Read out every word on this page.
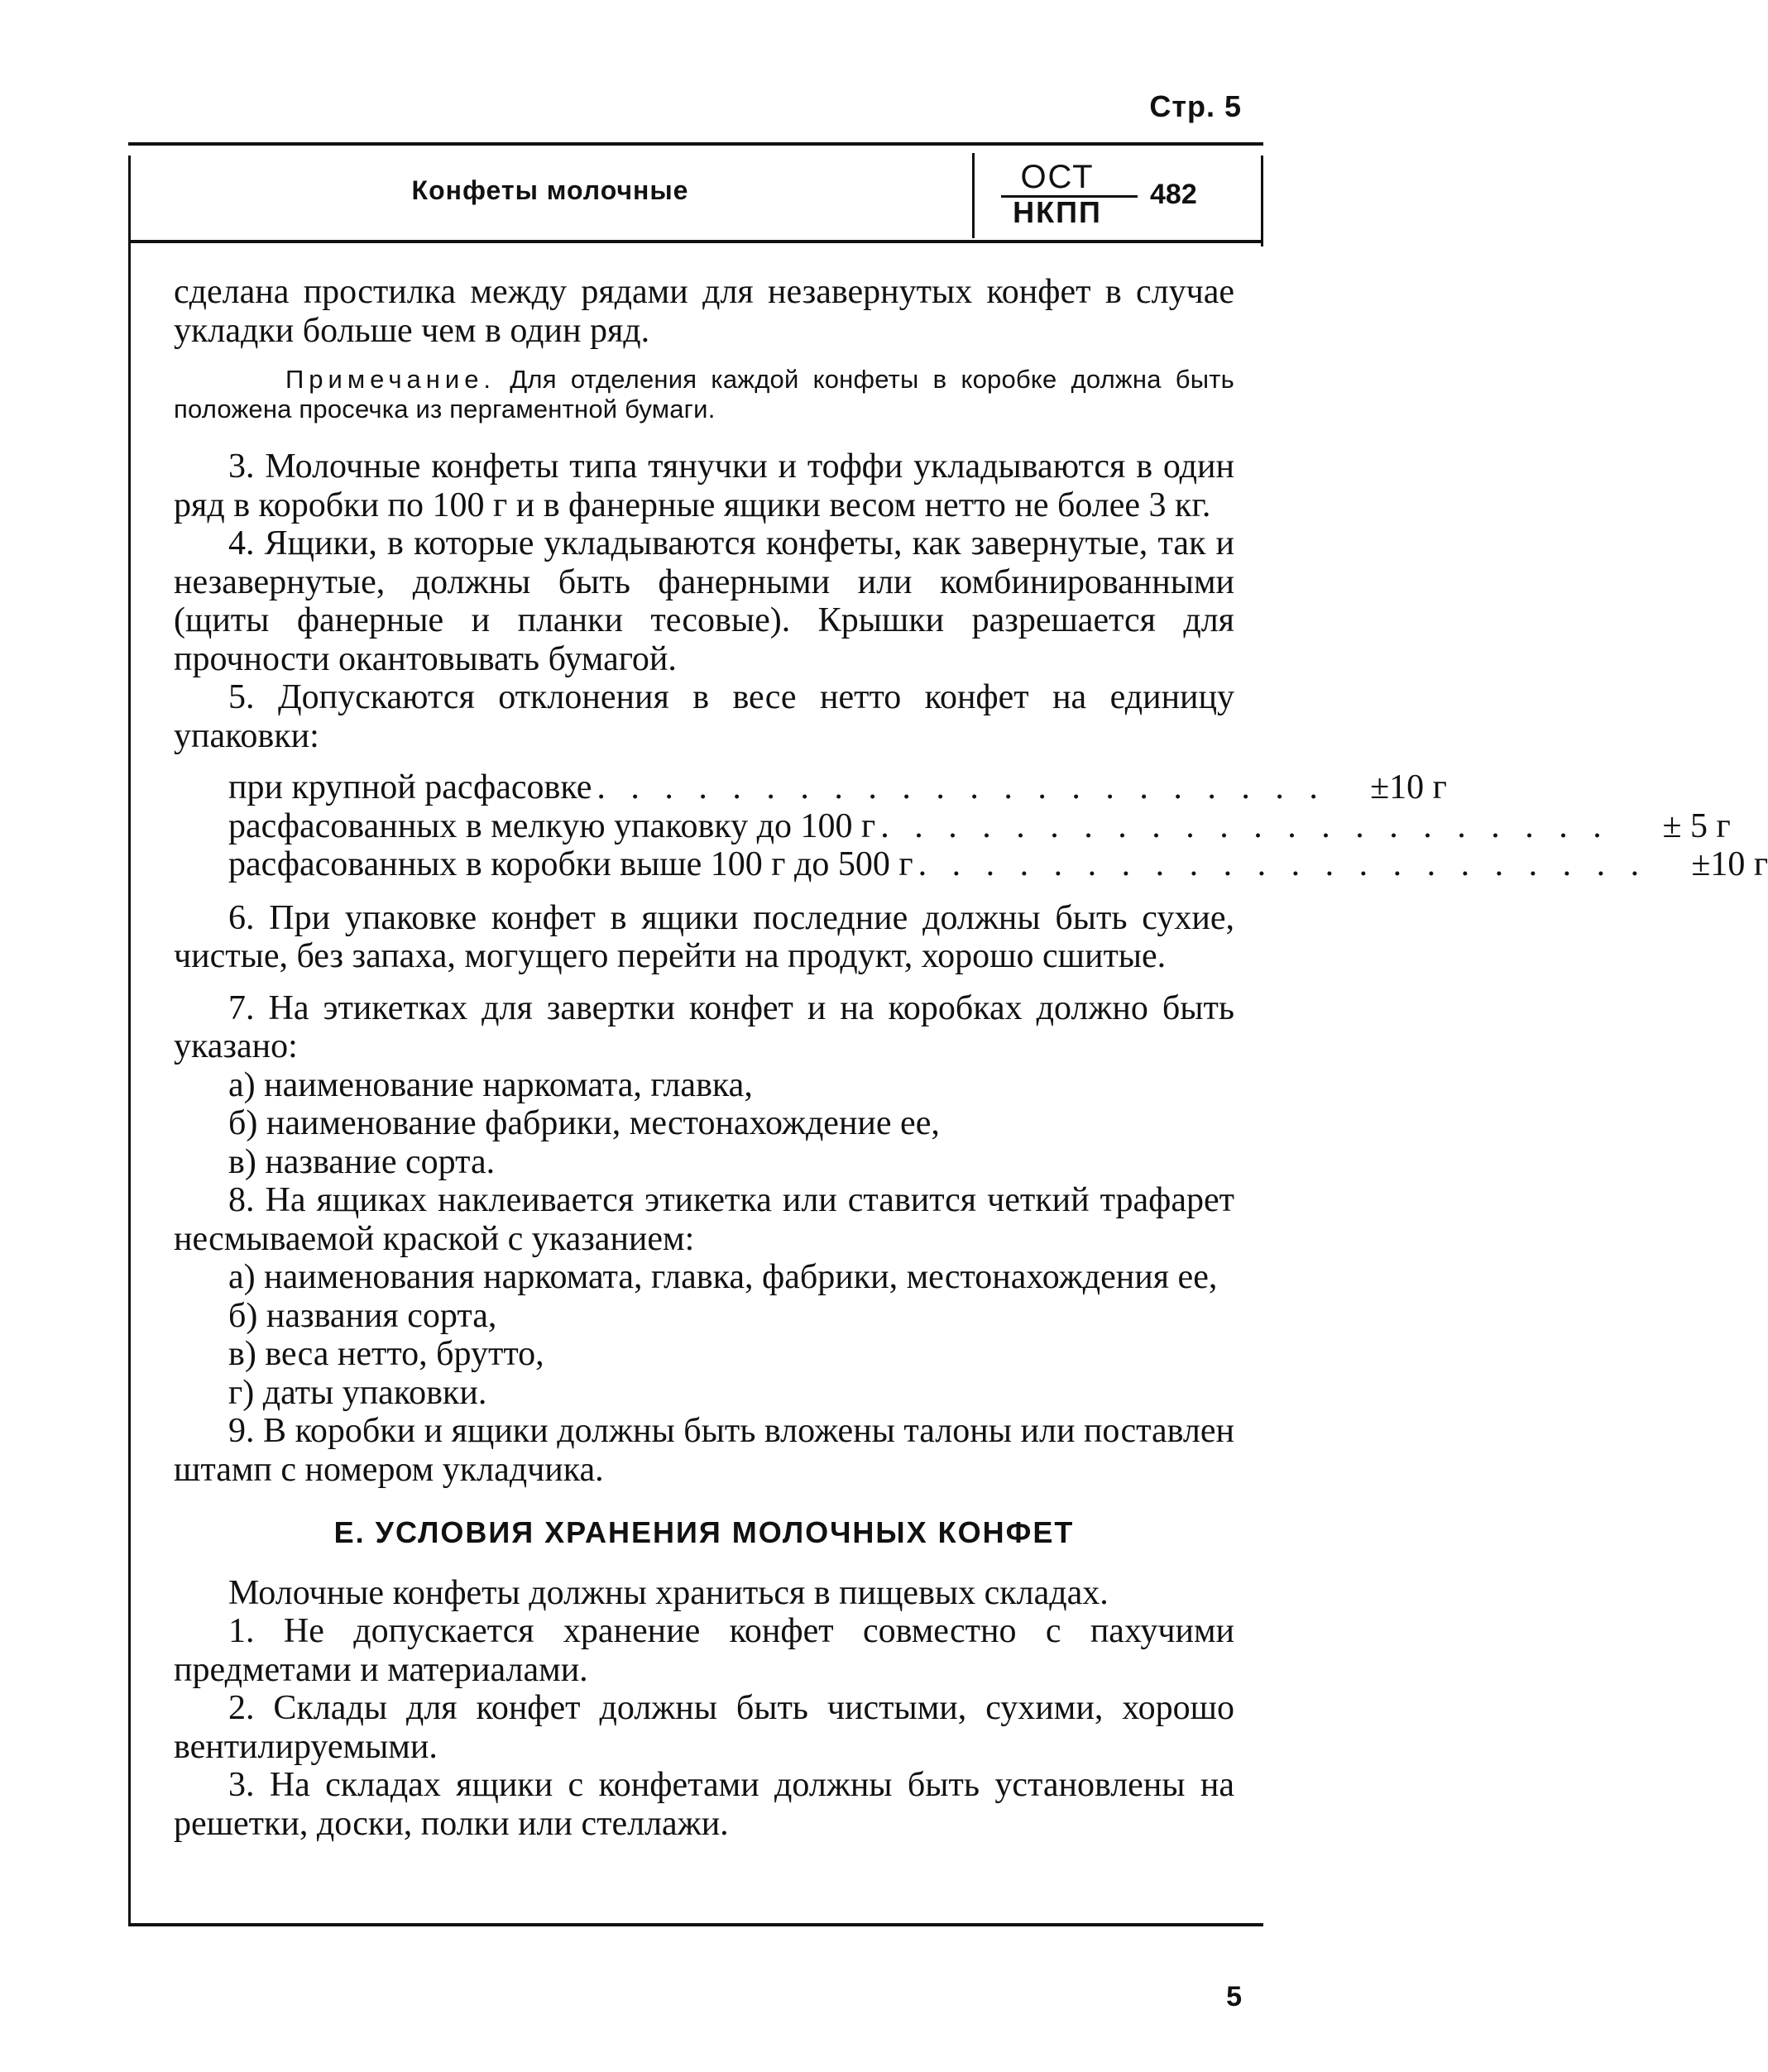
Стр. 5
Конфеты молочные	ОСТ
НКПП
482

сделана простилка между рядами для незавернутых конфет в случае укладки больше чем в один ряд.

Примечание. Для отделения каждой конфеты в коробке должна быть положена просечка из пергаментной бумаги.

3. Молочные конфеты типа тянучки и тоффи укладываются в один ряд в коробки по 100 г и в фанерные ящики весом нетто не более 3 кг.

4. Ящики, в которые укладываются конфеты, как завернутые, так и незавернутые, должны быть фанерными или комбинированными (щиты фанерные и планки тесовые). Крышки разрешается для прочности окантовывать бумагой.

5. Допускаются отклонения в весе нетто конфет на единицу упаковки:

при крупной расфасовке . . . . . . . . . . . . . . . . . . . . . .	±10 г
расфасованных в мелкую упаковку до 100 г . . . . . . . . . . . . . . . . . . . . . .	± 5 г
расфасованных в коробки выше 100 г до 500 г . . . . . . . . . . . . . . . . . . . . . .	±10 г

6. При упаковке конфет в ящики последние должны быть сухие, чистые, без запаха, могущего перейти на продукт, хорошо сшитые.

7. На этикетках для завертки конфет и на коробках должно быть указано:

а) наименование наркомата, главка,

б) наименование фабрики, местонахождение ее,

в) название сорта.

8. На ящиках наклеивается этикетка или ставится четкий трафарет несмываемой краской с указанием:

а) наименования наркомата, главка, фабрики, местонахождения ее,

б) названия сорта,

в) веса нетто, брутто,

г) даты упаковки.

9. В коробки и ящики должны быть вложены талоны или поставлен штамп с номером укладчика.

Е. УСЛОВИЯ ХРАНЕНИЯ МОЛОЧНЫХ КОНФЕТ

Молочные конфеты должны храниться в пищевых складах.

1. Не допускается хранение конфет совместно с пахучими предметами и материалами.

2. Склады для конфет должны быть чистыми, сухими, хорошо вентилируемыми.

3. На складах ящики с конфетами должны быть установлены на решетки, доски, полки или стеллажи.

5
